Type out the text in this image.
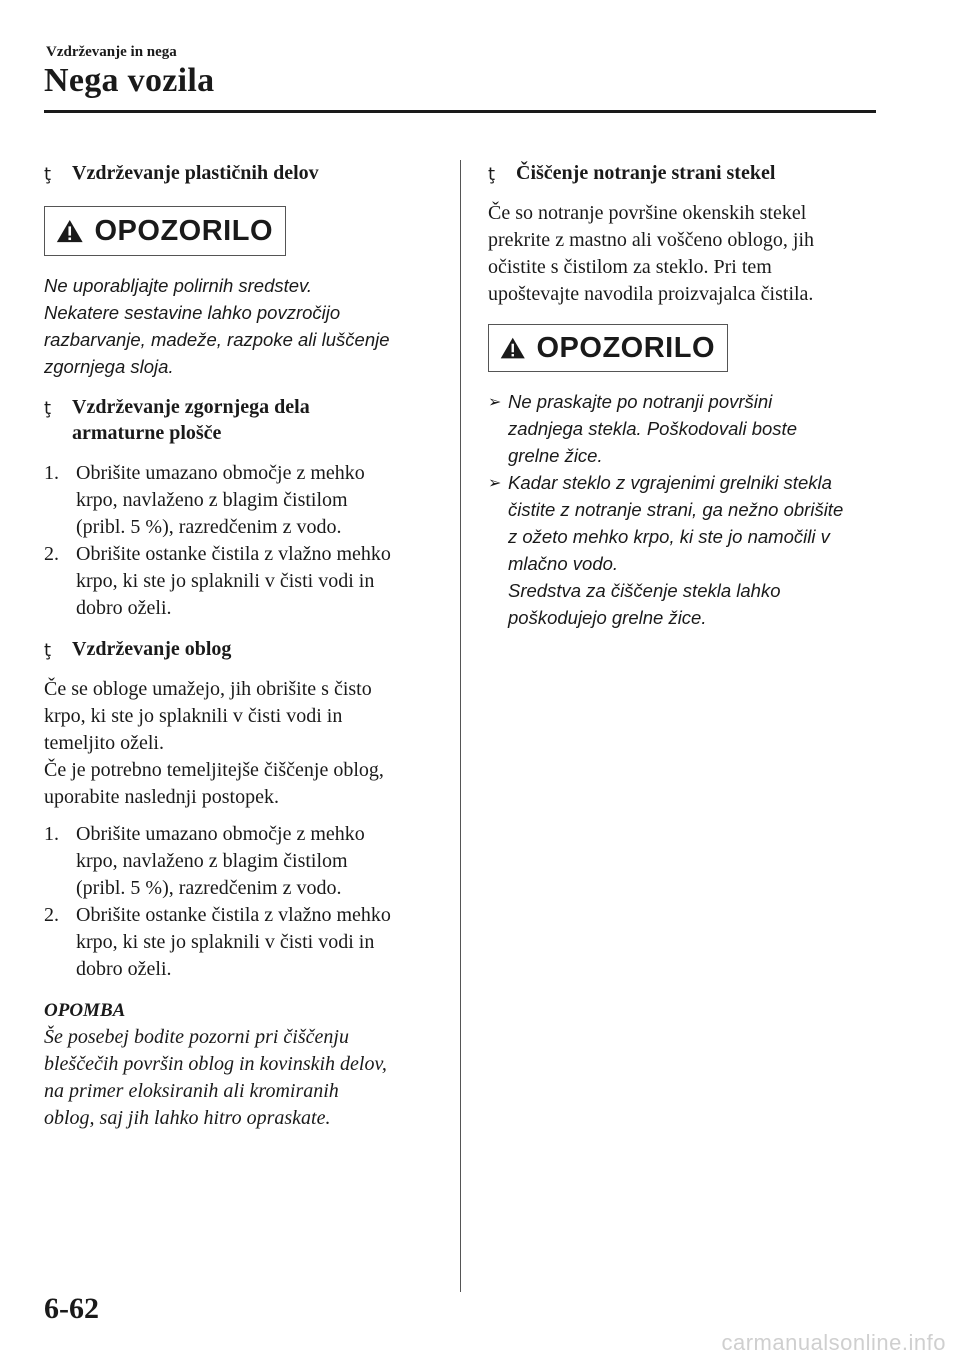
Vzdrževanje in nega
Nega vozila
ţ Vzdrževanje plastičnih delov
OPOZORILO
Ne uporabljajte polirnih sredstev.
Nekatere sestavine lahko povzročijo
razbarvanje, madeže, razpoke ali luščenje
zgornjega sloja.
ţ Vzdrževanje zgornjega dela
armaturne plošče
1. Obrišite umazano območje z mehko
krpo, navlaženo z blagim čistilom
(pribl. 5 %), razredčenim z vodo.
2. Obrišite ostanke čistila z vlažno mehko
krpo, ki ste jo splaknili v čisti vodi in
dobro oželi.
ţ Vzdrževanje oblog
Če se obloge umažejo, jih obrišite s čisto
krpo, ki ste jo splaknili v čisti vodi in
temeljito oželi.
Če je potrebno temeljitejše čiščenje oblog,
uporabite naslednji postopek.
1. Obrišite umazano območje z mehko
krpo, navlaženo z blagim čistilom
(pribl. 5 %), razredčenim z vodo.
2. Obrišite ostanke čistila z vlažno mehko
krpo, ki ste jo splaknili v čisti vodi in
dobro oželi.
OPOMBA
Še posebej bodite pozorni pri čiščenju
bleščečih površin oblog in kovinskih delov,
na primer eloksiranih ali kromiranih
oblog, saj jih lahko hitro opraskate.
ţ Čiščenje notranje strani stekel
Če so notranje površine okenskih stekel
prekrite z mastno ali voščeno oblogo, jih
očistite s čistilom za steklo. Pri tem
upoštevajte navodila proizvajalca čistila.
OPOZORILO
➢ Ne praskajte po notranji površini
zadnjega stekla. Poškodovali boste
grelne žice.
➢ Kadar steklo z vgrajenimi grelniki stekla
čistite z notranje strani, ga nežno obrišite
z ožeto mehko krpo, ki ste jo namočili v
mlačno vodo.
Sredstva za čiščenje stekla lahko
poškodujejo grelne žice.
6-62
carmanualsonline.info
